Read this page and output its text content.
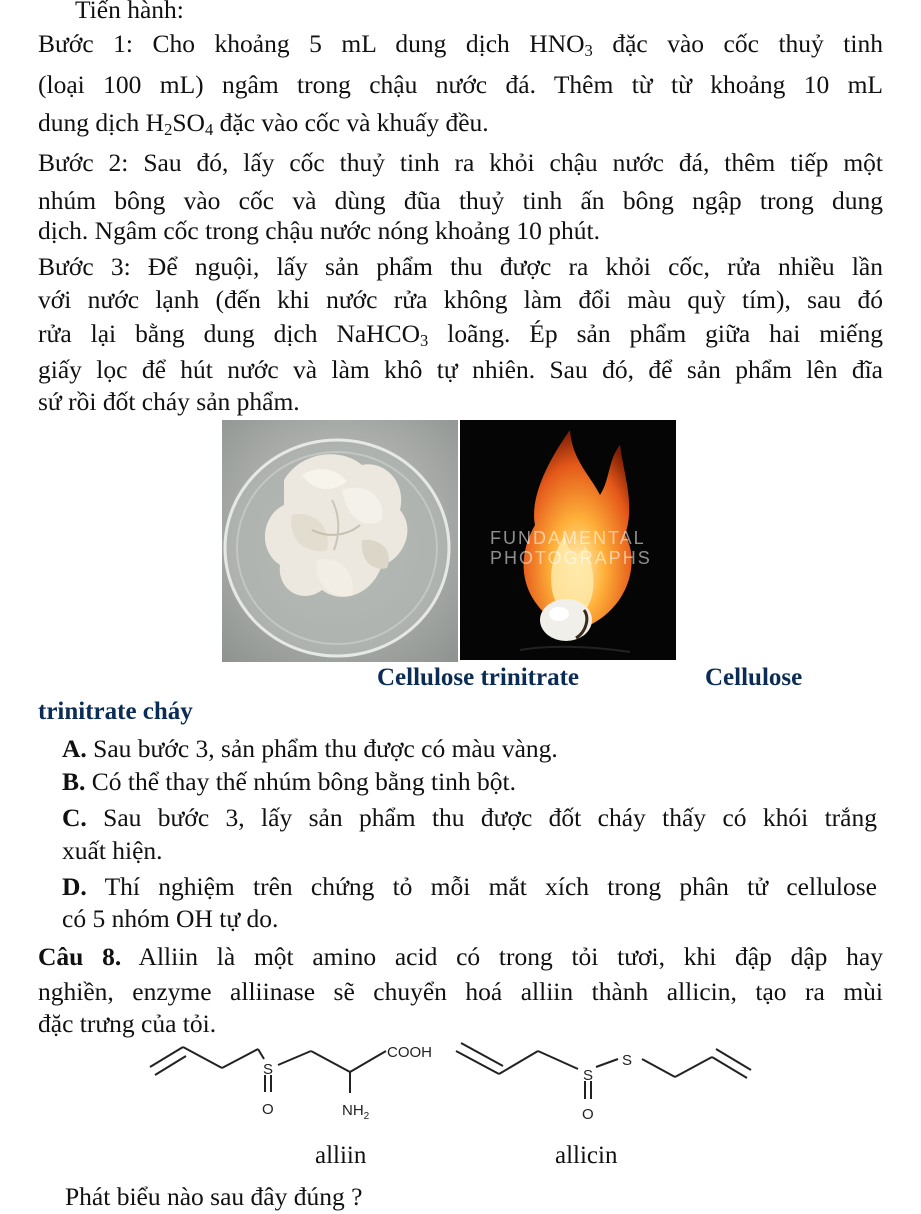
Tiến hành:
Bước 1: Cho khoảng 5 mL dung dịch $HNO_3$ đặc vào cốc thuỷ tinh
(loại 100 mL) ngâm trong chậu nước đá. Thêm từ từ khoảng 10 mL
dung dịch $H_2SO_4$ đặc vào cốc và khuấy đều.
Bước 2: Sau đó, lấy cốc thuỷ tinh ra khỏi chậu nước đá, thêm tiếp một
nhúm bông vào cốc và dùng đũa thuỷ tinh ấn bông ngập trong dung
dịch. Ngâm cốc trong chậu nước nóng khoảng 10 phút.
Bước 3: Để nguội, lấy sản phẩm thu được ra khỏi cốc, rửa nhiều lần
với nước lạnh (đến khi nước rửa không làm đổi màu quỳ tím), sau đó
rửa lại bằng dung dịch NaHCO$_3$ loãng. Ép sản phẩm giữa hai miếng
giấy lọc để hút nước và làm khô tự nhiên. Sau đó, để sản phẩm lên đĩa
sứ rồi đốt cháy sản phẩm.
FUNDAMENTAL
PHOTOGRAPHS
Cellulose trinitrate	Cellulose
trinitrate cháy
A. Sau bước 3, sản phẩm thu được có màu vàng.
B. Có thể thay thế nhúm bông bằng tinh bột.
C. Sau bước 3, lấy sản phẩm thu được đốt cháy thấy có khói trắng
xuất hiện.
D. Thí nghiệm trên chứng tỏ mỗi mắt xích trong phân tử cellulose
có 5 nhóm OH tự do.
Câu 8. Alliin là một amino acid có trong tỏi tươi, khi đập dập hay
nghiền, enzyme alliinase sẽ chuyển hoá alliin thành allicin, tạo ra mùi
đặc trưng của tỏi.
S
O
COOH
$NH_2$
S
S
O
alliin	allicin
Phát biểu nào sau đây đúng ?
